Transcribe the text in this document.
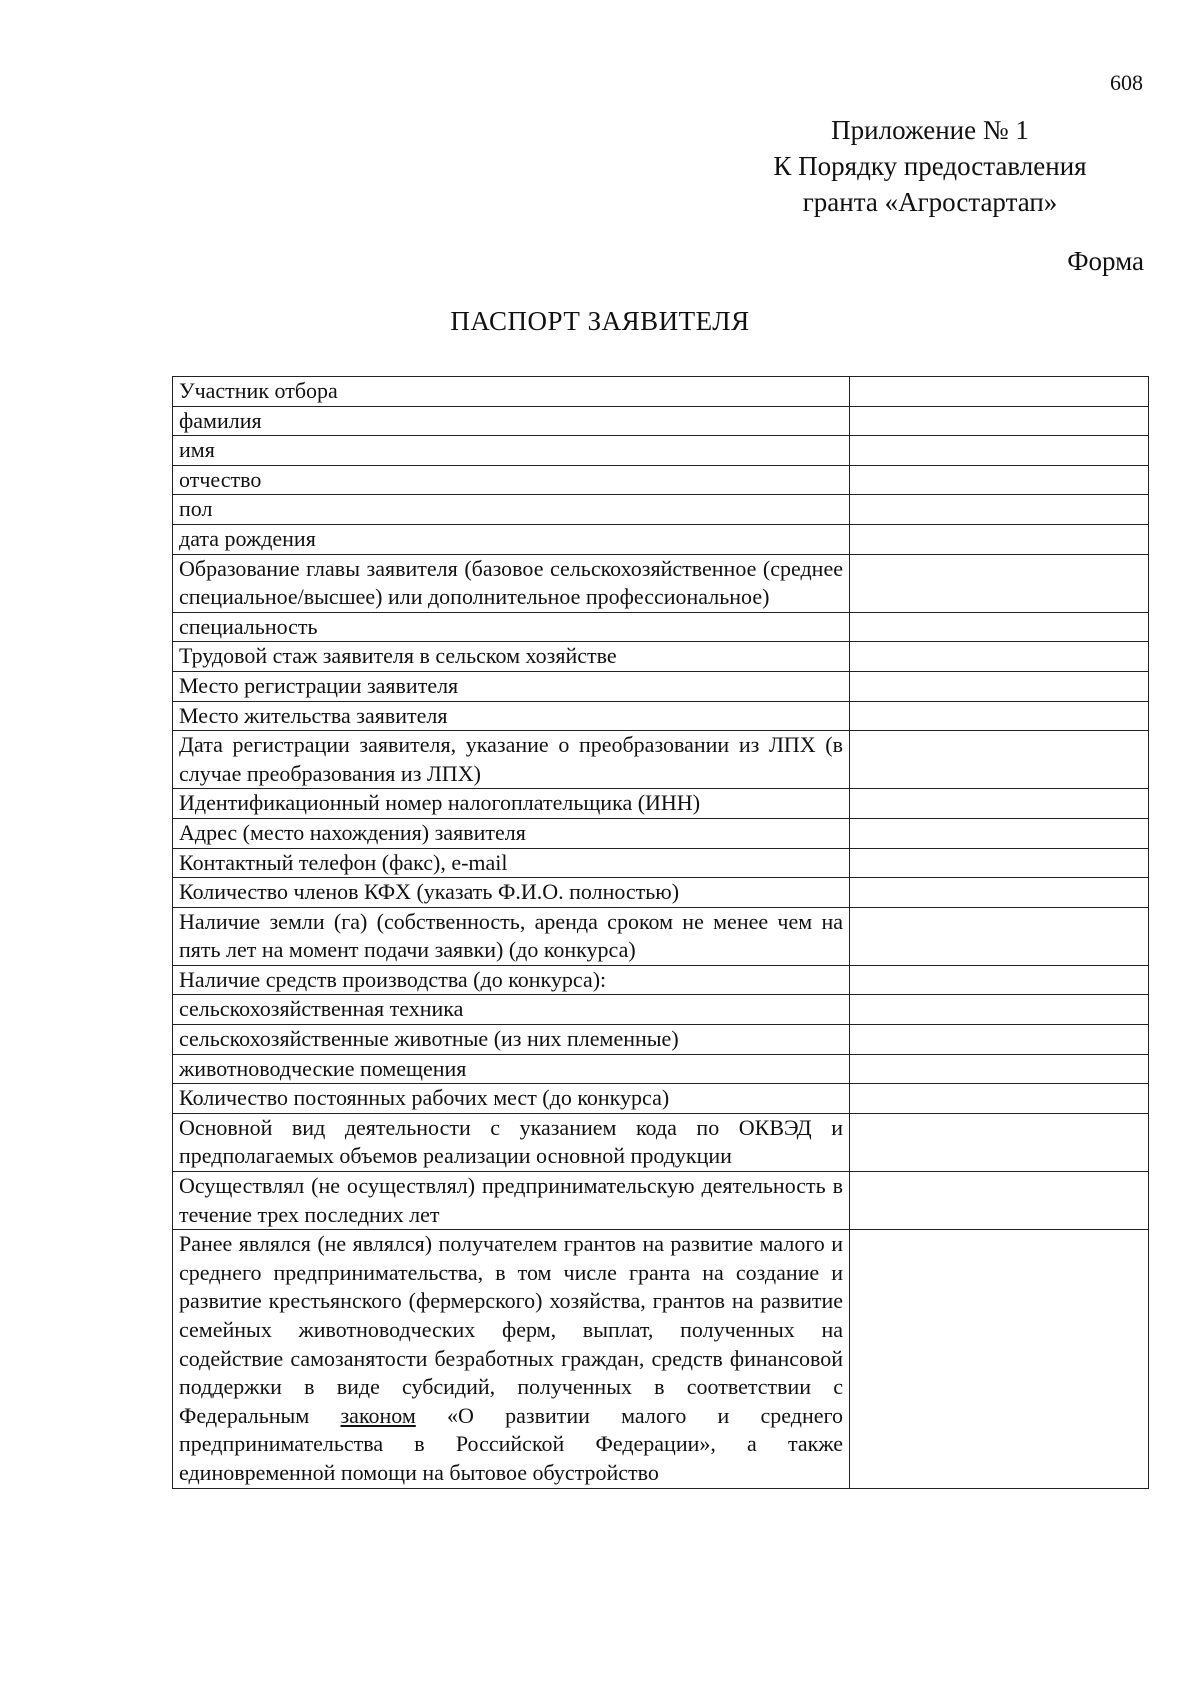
608
Приложение № 1
К Порядку предоставления
гранта «Агростартап»
Форма
ПАСПОРТ ЗАЯВИТЕЛЯ
Участник отбора	
фамилия	
имя	
отчество	
пол	
дата рождения	
Образование главы заявителя (базовое сельскохозяйственное (среднее специальное/высшее) или дополнительное профессиональное)	
специальность	
Трудовой стаж заявителя в сельском хозяйстве	
Место регистрации заявителя	
Место жительства заявителя	
Дата регистрации заявителя, указание о преобразовании из ЛПХ (в случае преобразования из ЛПХ)	
Идентификационный номер налогоплательщика (ИНН)	
Адрес (место нахождения) заявителя	
Контактный телефон (факс), e-mail	
Количество членов КФХ (указать Ф.И.О. полностью)	
Наличие земли (га) (собственность, аренда сроком не менее чем на пять лет на момент подачи заявки) (до конкурса)	
Наличие средств производства (до конкурса):	
сельскохозяйственная техника	
сельскохозяйственные животные (из них племенные)	
животноводческие помещения	
Количество постоянных рабочих мест (до конкурса)	
Основной вид деятельности с указанием кода по ОКВЭД и предполагаемых объемов реализации основной продукции	
Осуществлял (не осуществлял) предпринимательскую деятельность в течение трех последних лет	
Ранее являлся (не являлся) получателем грантов на развитие малого и среднего предпринимательства, в том числе гранта на создание и развитие крестьянского (фермерского) хозяйства, грантов на развитие семейных животноводческих ферм, выплат, полученных на содействие самозанятости безработных граждан, средств финансовой поддержки в виде субсидий, полученных в соответствии с Федеральным законом «О развитии малого и среднего предпринимательства в Российской Федерации», а также единовременной помощи на бытовое обустройство	
